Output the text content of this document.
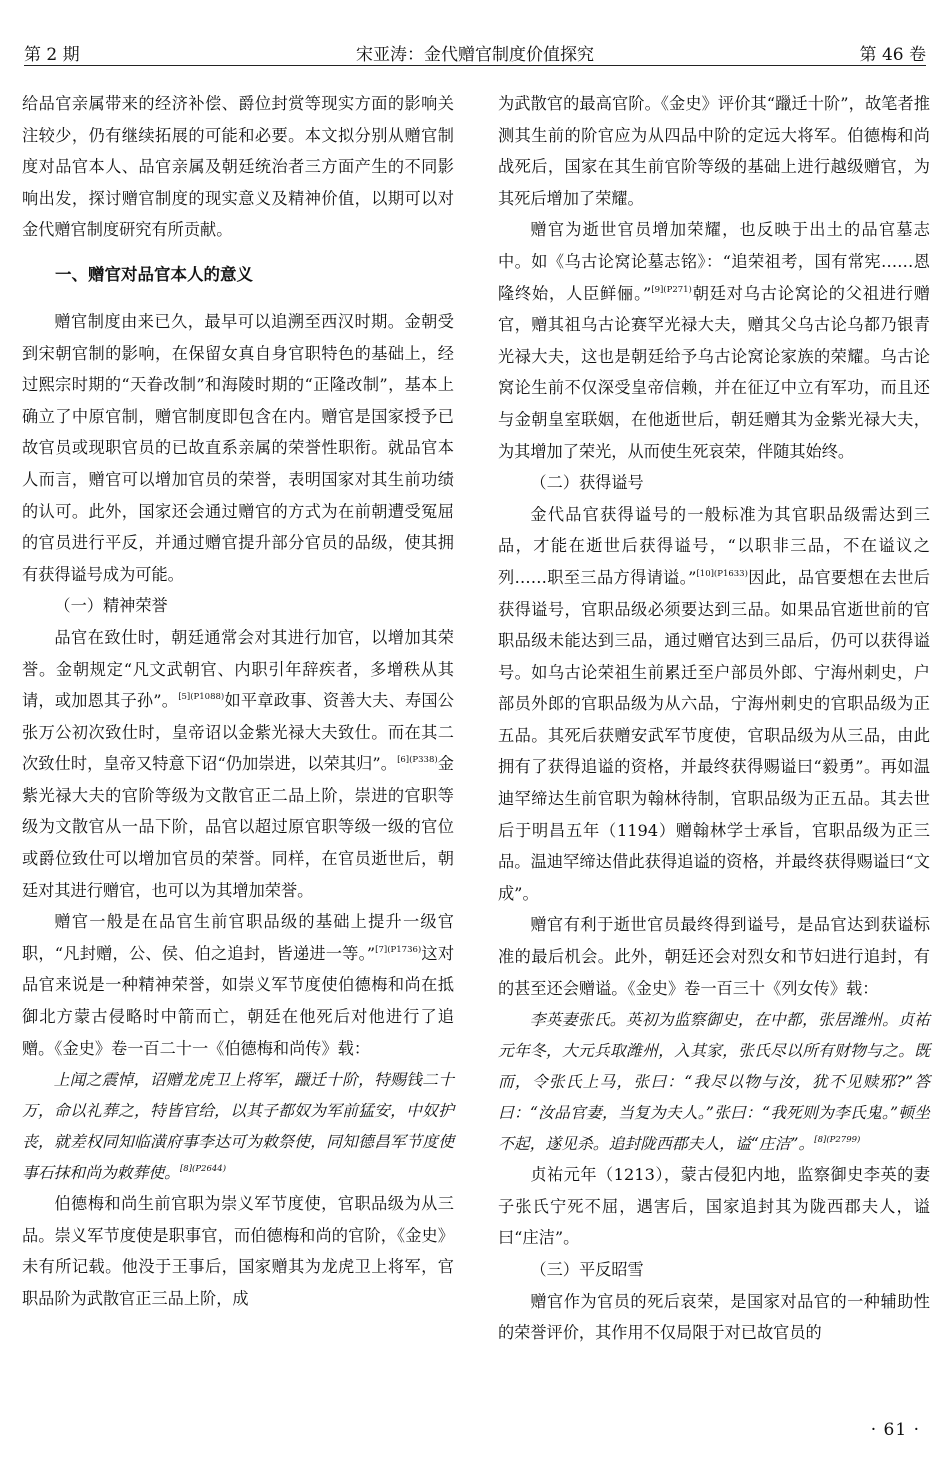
第 2 期	宋亚涛：金代赠官制度价值探究	第 46 卷

给品官亲属带来的经济补偿、爵位封赏等现实方面的影响关注较少，仍有继续拓展的可能和必要。本文拟分别从赠官制度对品官本人、品官亲属及朝廷统治者三方面产生的不同影响出发，探讨赠官制度的现实意义及精神价值，以期可以对金代赠官制度研究有所贡献。

一、赠官对品官本人的意义

赠官制度由来已久，最早可以追溯至西汉时期。金朝受到宋朝官制的影响，在保留女真自身官职特色的基础上，经过熙宗时期的“天眷改制”和海陵时期的“正隆改制”，基本上确立了中原官制，赠官制度即包含在内。赠官是国家授予已故官员或现职官员的已故直系亲属的荣誉性职衔。就品官本人而言，赠官可以增加官员的荣誉，表明国家对其生前功绩的认可。此外，国家还会通过赠官的方式为在前朝遭受冤屈的官员进行平反，并通过赠官提升部分官员的品级，使其拥有获得谥号成为可能。

（一）精神荣誉

品官在致仕时，朝廷通常会对其进行加官，以增加其荣誉。金朝规定“凡文武朝官、内职引年辞疾者，多增秩从其请，或加恩其子孙”。$^{[5](P1088)}$如平章政事、资善大夫、寿国公张万公初次致仕时，皇帝诏以金紫光禄大夫致仕。而在其二次致仕时，皇帝又特意下诏“仍加崇进，以荣其归”。$^{[6](P338)}$金紫光禄大夫的官阶等级为文散官正二品上阶，崇进的官职等级为文散官从一品下阶，品官以超过原官职等级一级的官位或爵位致仕可以增加官员的荣誉。同样，在官员逝世后，朝廷对其进行赠官，也可以为其增加荣誉。

赠官一般是在品官生前官职品级的基础上提升一级官职，“凡封赠，公、侯、伯之追封，皆递进一等。”$^{[7](P1736)}$这对品官来说是一种精神荣誉，如崇义军节度使伯德梅和尚在抵御北方蒙古侵略时中箭而亡，朝廷在他死后对他进行了追赠。《金史》卷一百二十一《伯德梅和尚传》载：

上闻之震悼，诏赠龙虎卫上将军，躐迁十阶，特赐钱二十万，命以礼葬之，特皆官给，以其子都奴为军前猛安，中奴护丧，就差权同知临潢府事李达可为敕祭使，同知德昌军节度使事石抹和尚为敕葬使。$^{[8](P2644)}$

伯德梅和尚生前官职为崇义军节度使，官职品级为从三品。崇义军节度使是职事官，而伯德梅和尚的官阶，《金史》未有所记载。他没于王事后，国家赠其为龙虎卫上将军，官职品阶为武散官正三品上阶，成

为武散官的最高官阶。《金史》评价其“躐迁十阶”，故笔者推测其生前的阶官应为从四品中阶的定远大将军。伯德梅和尚战死后，国家在其生前官阶等级的基础上进行越级赠官，为其死后增加了荣耀。

赠官为逝世官员增加荣耀，也反映于出土的品官墓志中。如《乌古论窝论墓志铭》：“追荣祖考，国有常宪……恩隆终始，人臣鲜俪。”$^{[9](P271)}$朝廷对乌古论窝论的父祖进行赠官，赠其祖乌古论赛罕光禄大夫，赠其父乌古论乌都乃银青光禄大夫，这也是朝廷给予乌古论窝论家族的荣耀。乌古论窝论生前不仅深受皇帝信赖，并在征辽中立有军功，而且还与金朝皇室联姻，在他逝世后，朝廷赠其为金紫光禄大夫，为其增加了荣光，从而使生死哀荣，伴随其始终。

（二）获得谥号

金代品官获得谥号的一般标准为其官职品级需达到三品，才能在逝世后获得谥号，“以职非三品，不在谥议之列……职至三品方得请谥。”$^{[10](P1633)}$因此，品官要想在去世后获得谥号，官职品级必须要达到三品。如果品官逝世前的官职品级未能达到三品，通过赠官达到三品后，仍可以获得谥号。如乌古论荣祖生前累迁至户部员外郎、宁海州刺史，户部员外郎的官职品级为从六品，宁海州刺史的官职品级为正五品。其死后获赠安武军节度使，官职品级为从三品，由此拥有了获得追谥的资格，并最终获得赐谥曰“毅勇”。再如温迪罕缔达生前官职为翰林待制，官职品级为正五品。其去世后于明昌五年（1194）赠翰林学士承旨，官职品级为正三品。温迪罕缔达借此获得追谥的资格，并最终获得赐谥曰“文成”。

赠官有利于逝世官员最终得到谥号，是品官达到获谥标准的最后机会。此外，朝廷还会对烈女和节妇进行追封，有的甚至还会赠谥。《金史》卷一百三十《列女传》载：

李英妻张氏。英初为监察御史，在中都，张居潍州。贞祐元年冬，大元兵取潍州，入其家，张氏尽以所有财物与之。既而，令张氏上马，张曰：“我尽以物与汝，犹不见赎邪?”答曰：“汝品官妻，当复为夫人。”张曰：“我死则为李氏鬼。”顿坐不起，遂见杀。追封陇西郡夫人，谥“庄洁”。$^{[8](P2799)}$

贞祐元年（1213），蒙古侵犯内地，监察御史李英的妻子张氏宁死不屈，遇害后，国家追封其为陇西郡夫人，谥曰“庄洁”。

（三）平反昭雪

赠官作为官员的死后哀荣，是国家对品官的一种辅助性的荣誉评价，其作用不仅局限于对已故官员的

· 61 ·
